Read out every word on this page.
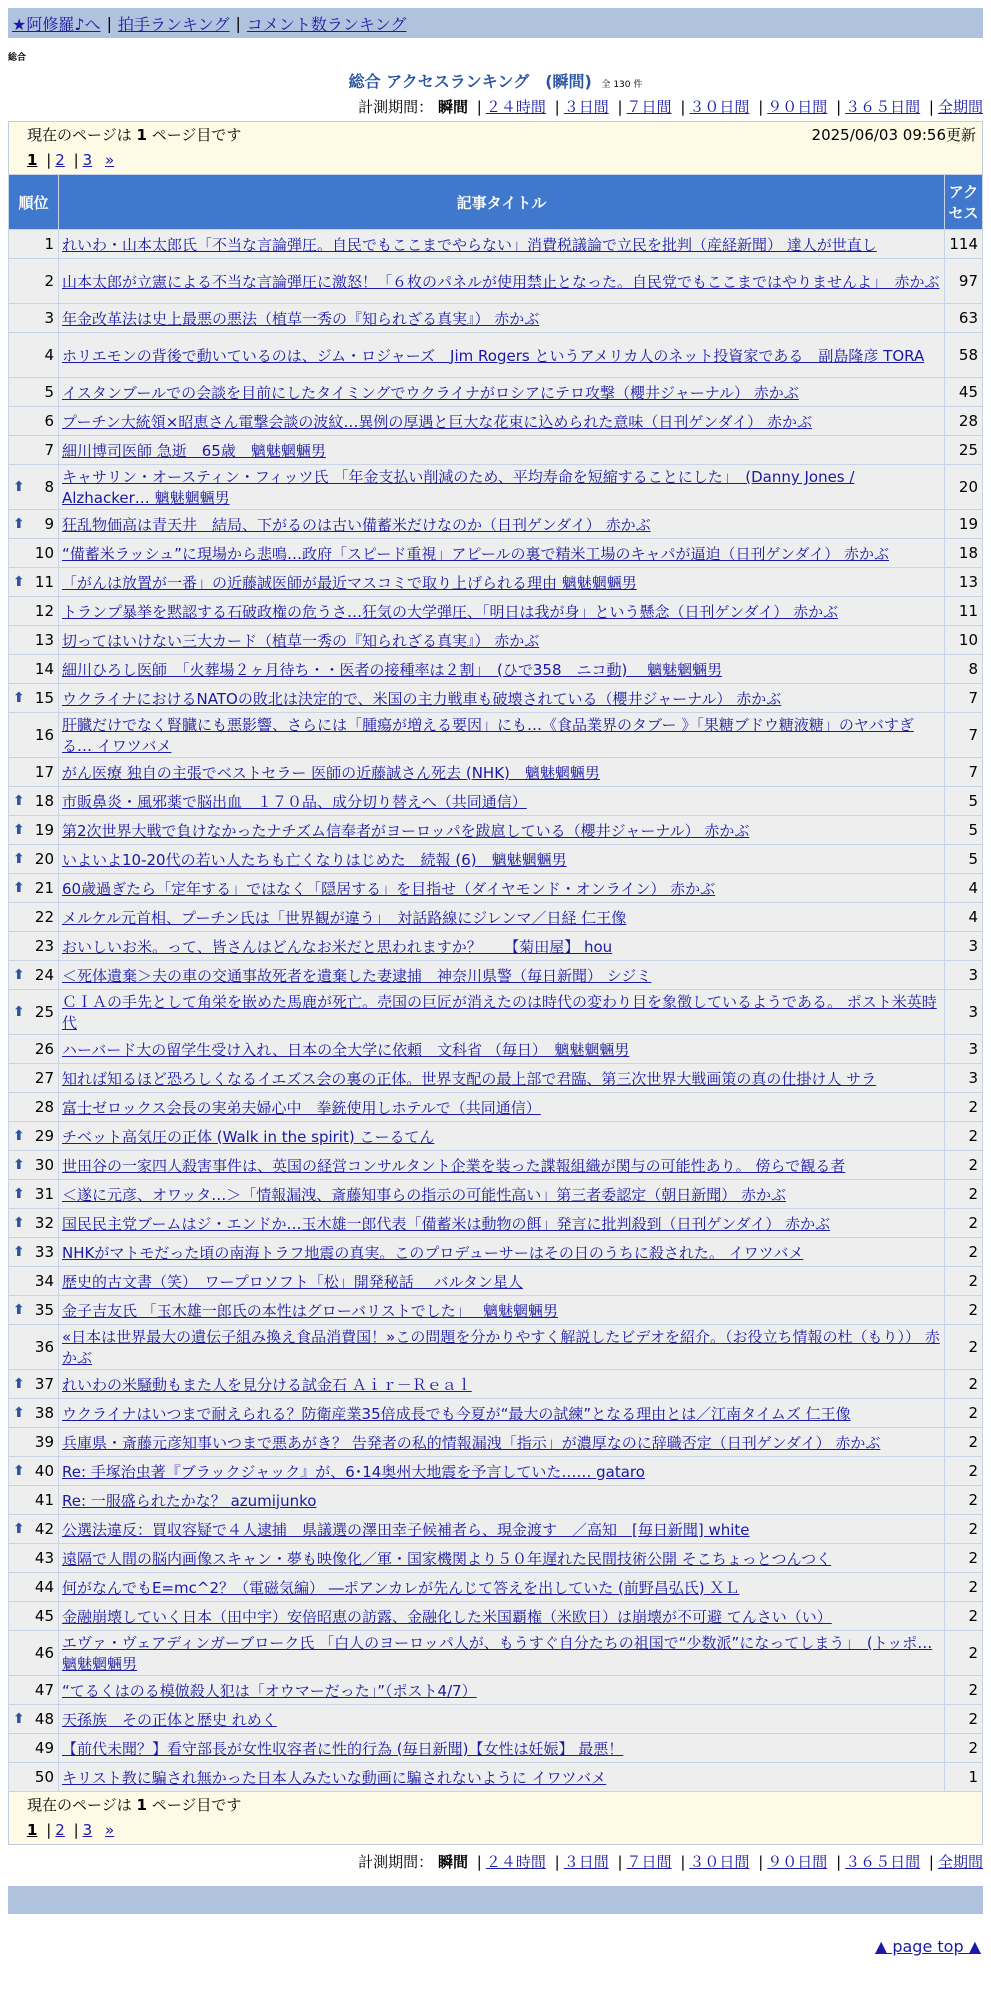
★阿修羅♪へ | 拍手ランキング | コメント数ランキング
総合
総合 アクセスランキング　(瞬間) 全 130 件
計測期間： 瞬間 | ２４時間 | ３日間 | ７日間 | ３０日間 | ９０日間 | ３６５日間 | 全期間
現在のページは 1 ページ目です	2025/06/03 09:56更新
1 | 2 | 3 »
順位	記事タイトル	アクセス
1	れいわ・山本太郎氏「不当な言論弾圧。自民でもここまでやらない」消費税議論で立民を批判（産経新聞） 達人が世直し	114
2	山本太郎が立憲による不当な言論弾圧に激怒！「６枚のパネルが使用禁止となった。自民党でもここまではやりませんよ」　赤かぶ	97
3	年金改革法は史上最悪の悪法（植草一秀の『知られざる真実』） 赤かぶ	63
4	ホリエモンの背後で動いているのは、ジム・ロジャーズ　Jim Rogers というアメリカ人のネット投資家である　副島隆彦 TORA	58
5	イスタンブールでの会談を目前にしたタイミングでウクライナがロシアにテロ攻撃（櫻井ジャーナル） 赤かぶ	45
6	プーチン大統領×昭恵さん電撃会談の波紋…異例の厚遇と巨大な花束に込められた意味（日刊ゲンダイ） 赤かぶ	28
7	細川博司医師 急逝　65歳　魑魅魍魎男	25

⬆ 8	キャサリン・オースティン・フィッツ氏 「年金支払い削減のため、平均寿命を短縮することにした」　(Danny Jones / Alzhacker… 魑魅魍魎男	20

⬆ 9	狂乱物価高は青天井　結局、下がるのは古い備蓄米だけなのか（日刊ゲンダイ） 赤かぶ	19
10	“備蓄米ラッシュ”に現場から悲鳴…政府「スピード重視」アピールの裏で精米工場のキャパが逼迫（日刊ゲンダイ） 赤かぶ	18

⬆ 11	「がんは放置が一番」の近藤誠医師が最近マスコミで取り上げられる理由 魑魅魍魎男	13
12	トランプ暴挙を黙認する石破政権の危うさ…狂気の大学弾圧、「明日は我が身」という懸念（日刊ゲンダイ） 赤かぶ	11
13	切ってはいけない三大カード（植草一秀の『知られざる真実』） 赤かぶ	10
14	細川ひろし医師　「火葬場２ヶ月待ち・・医者の接種率は２割」　(ひで358　ニコ動)　 魑魅魍魎男	8

⬆ 15	ウクライナにおけるNATOの敗北は決定的で、米国の主力戦車も破壊されている（櫻井ジャーナル） 赤かぶ	7
16	肝臓だけでなく腎臓にも悪影響、さらには「腫瘍が増える要因」にも…《食品業界のタブー 》「果糖ブドウ糖液糖」のヤバすぎる… イワツバメ	7
17	がん医療 独自の主張でベストセラー 医師の近藤誠さん死去 (NHK)　魑魅魍魎男	7

⬆ 18	市販鼻炎・風邪薬で脳出血　１７０品、成分切り替えへ（共同通信）	5

⬆ 19	第2次世界大戦で負けなかったナチズム信奉者がヨーロッパを跋扈している（櫻井ジャーナル） 赤かぶ	5

⬆ 20	いよいよ10-20代の若い人たちも亡くなりはじめた　続報 (6)　魑魅魍魎男	5

⬆ 21	60歳過ぎたら「定年する」ではなく「隠居する」を目指せ（ダイヤモンド・オンライン） 赤かぶ	4
22	メルケル元首相、プーチン氏は「世界観が違う」　対話路線にジレンマ／日経 仁王像	4
23	おいしいお米。って、皆さんはどんなお米だと思われますか？　　【菊田屋】 hou	3

⬆ 24	＜死体遺棄＞夫の車の交通事故死者を遺棄した妻逮捕　神奈川県警（毎日新聞） シジミ	3

⬆ 25	ＣＩＡの手先として角栄を嵌めた馬鹿が死亡。売国の巨匠が消えたのは時代の変わり目を象徴しているようである。 ポスト米英時代	3
26	ハーバード大の留学生受け入れ、日本の全大学に依頼　文科省 （毎日）　魑魅魍魎男	3
27	知れば知るほど恐ろしくなるイエズス会の裏の正体。世界支配の最上部で君臨、第三次世界大戦画策の真の仕掛け人 サラ	3
28	富士ゼロックス会長の実弟夫婦心中　拳銃使用しホテルで（共同通信）	2

⬆ 29	チベット高気圧の正体 (Walk in the spirit) こーるてん	2

⬆ 30	世田谷の一家四人殺害事件は、英国の経営コンサルタント企業を装った諜報組織が関与の可能性あり。 傍らで観る者	2

⬆ 31	＜遂に元彦、オワッタ…＞「情報漏洩、斎藤知事らの指示の可能性高い」第三者委認定（朝日新聞） 赤かぶ	2

⬆ 32	国民民主党ブームはジ・エンドか…玉木雄一郎代表「備蓄米は動物の餌」発言に批判殺到（日刊ゲンダイ） 赤かぶ	2

⬆ 33	NHKがマトモだった頃の南海トラフ地震の真実。このプロデューサーはその日のうちに殺された。 イワツバメ	2
34	歴史的古文書（笑）　ワープロソフト「松」開発秘話　 バルタン星人	2

⬆ 35	金子吉友氏 「玉木雄一郎氏の本性はグローバリストでした」　 魑魅魍魎男	2
36	«日本は世界最大の遺伝子組み換え食品消費国！»この問題を分かりやすく解説したビデオを紹介。（お役立ち情報の杜（もり）） 赤かぶ	2

⬆ 37	れいわの米騒動もまた人を見分ける試金石 Ａｉｒ－Ｒｅａｌ	2

⬆ 38	ウクライナはいつまで耐えられる？防衛産業35倍成長でも今夏が“最大の試練”となる理由とは／江南タイムズ 仁王像	2
39	兵庫県・斎藤元彦知事いつまで悪あがき？ 告発者の私的情報漏洩「指示」が濃厚なのに辞職否定（日刊ゲンダイ） 赤かぶ	2

⬆ 40	Re: 手塚治虫著『ブラックジャック』が、6･14奥州大地震を予言していた…… gataro	2
41	Re: 一服盛られたかな？ azumijunko	2

⬆ 42	公選法違反：買収容疑で４人逮捕　県議選の澤田幸子候補者ら、現金渡す　／高知　[毎日新聞] white	2
43	遠隔で人間の脳内画像スキャン・夢も映像化／軍・国家機関より５０年遅れた民間技術公開 そこちょっとつんつく	2
44	何がなんでもE=mc^2？（電磁気編） ―ポアンカレが先んじて答えを出していた (前野昌弘氏) ＸＬ	2
45	金融崩壊していく日本（田中宇）安倍昭恵の訪露、金融化した米国覇権（米欧日）は崩壊が不可避 てんさい（い）	2
46	エヴァ・ヴェアディンガーブローク氏 「白人のヨーロッパ人が、もうすぐ自分たちの祖国で“少数派”になってしまう」　(トッポ… 魑魅魍魎男	2
47	“てるくはのる模倣殺人犯は「オウマーだった」”（ポスト4/7）	2

⬆ 48	天孫族　その正体と歴史 れめく	2
49	【前代未聞？】看守部長が女性収容者に性的行為 (毎日新聞)【女性は妊娠】 最悪！	2
50	キリスト教に騙され無かった日本人みたいな動画に騙されないように イワツバメ	1
現在のページは 1 ページ目です
1 | 2 | 3 »
計測期間： 瞬間 | ２４時間 | ３日間 | ７日間 | ３０日間 | ９０日間 | ３６５日間 | 全期間
▲ page top ▲
